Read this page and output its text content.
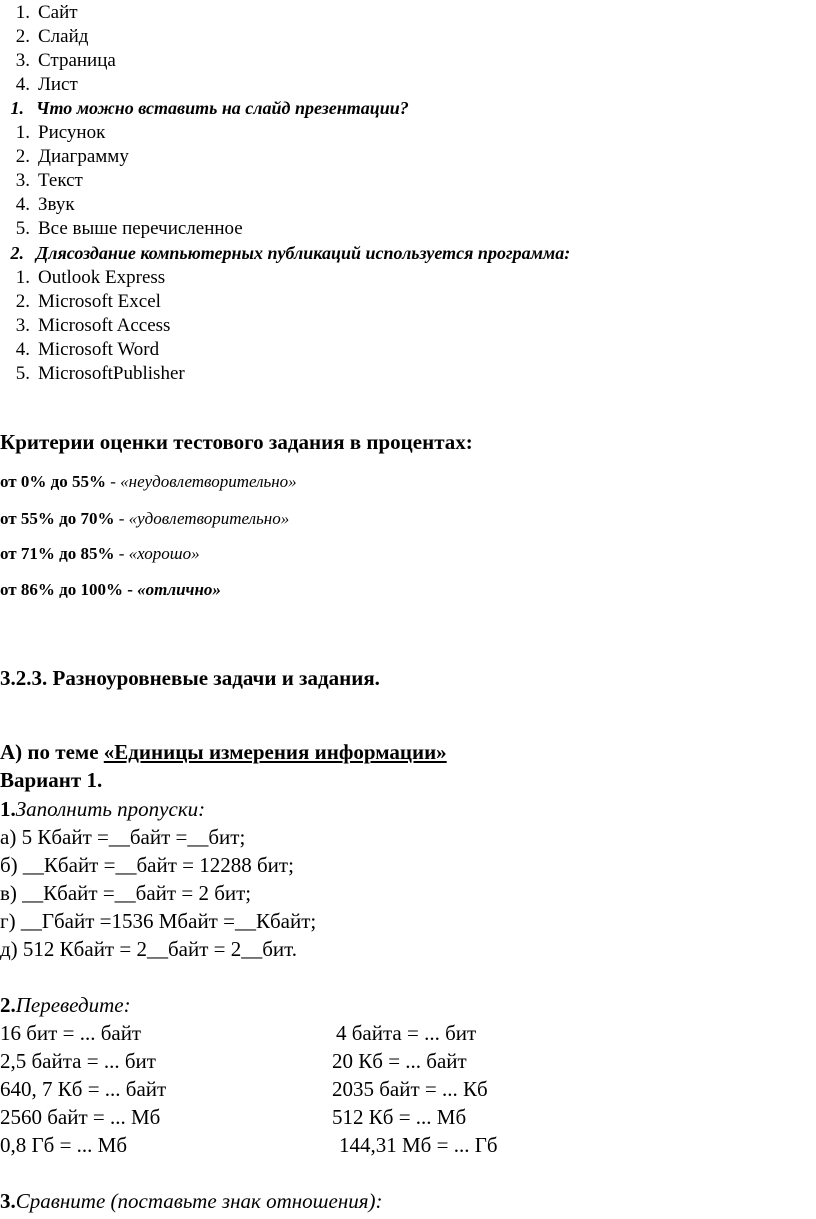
1. Сайт
2. Слайд
3. Страница
4. Лист
1. Что можно вставить на слайд презентации?
1. Рисунок
2. Диаграмму
3. Текст
4. Звук
5. Все выше перечисленное
2. Длясоздание компьютерных публикаций используется программа:
1. Outlook Express
2. Microsoft Excel
3. Microsoft Access
4. Microsoft Word
5. MicrosoftPublisher
Критерии оценки тестового задания в процентах:
от 0% до 55% - «неудовлетворительно»
от 55% до 70% - «удовлетворительно»
от 71% до 85% - «хорошо»
от 86% до 100% - «отлично»
3.2.3. Разноуровневые задачи и задания.
А) по теме «Единицы измерения информации»
Вариант 1.
1.Заполнить пропуски:
а) 5 Кбайт =__байт =__бит;
б) __Кбайт =__байт = 12288 бит;
в) __Кбайт =__байт = 2 бит;
г) __Гбайт =1536 Мбайт =__Кбайт;
д) 512 Кбайт = 2__байт = 2__бит.
2.Переведите:
16 бит = ... байт	4 байта = ... бит
2,5 байта = ... бит	20 Кб = ... байт
640, 7 Кб = ... байт	2035 байт = ... Кб
2560 байт = ... Мб	512 Кб = ... Мб
0,8 Гб = ... Мб	144,31 Мб = ... Гб
3.Сравните (поставьте знак отношения):
